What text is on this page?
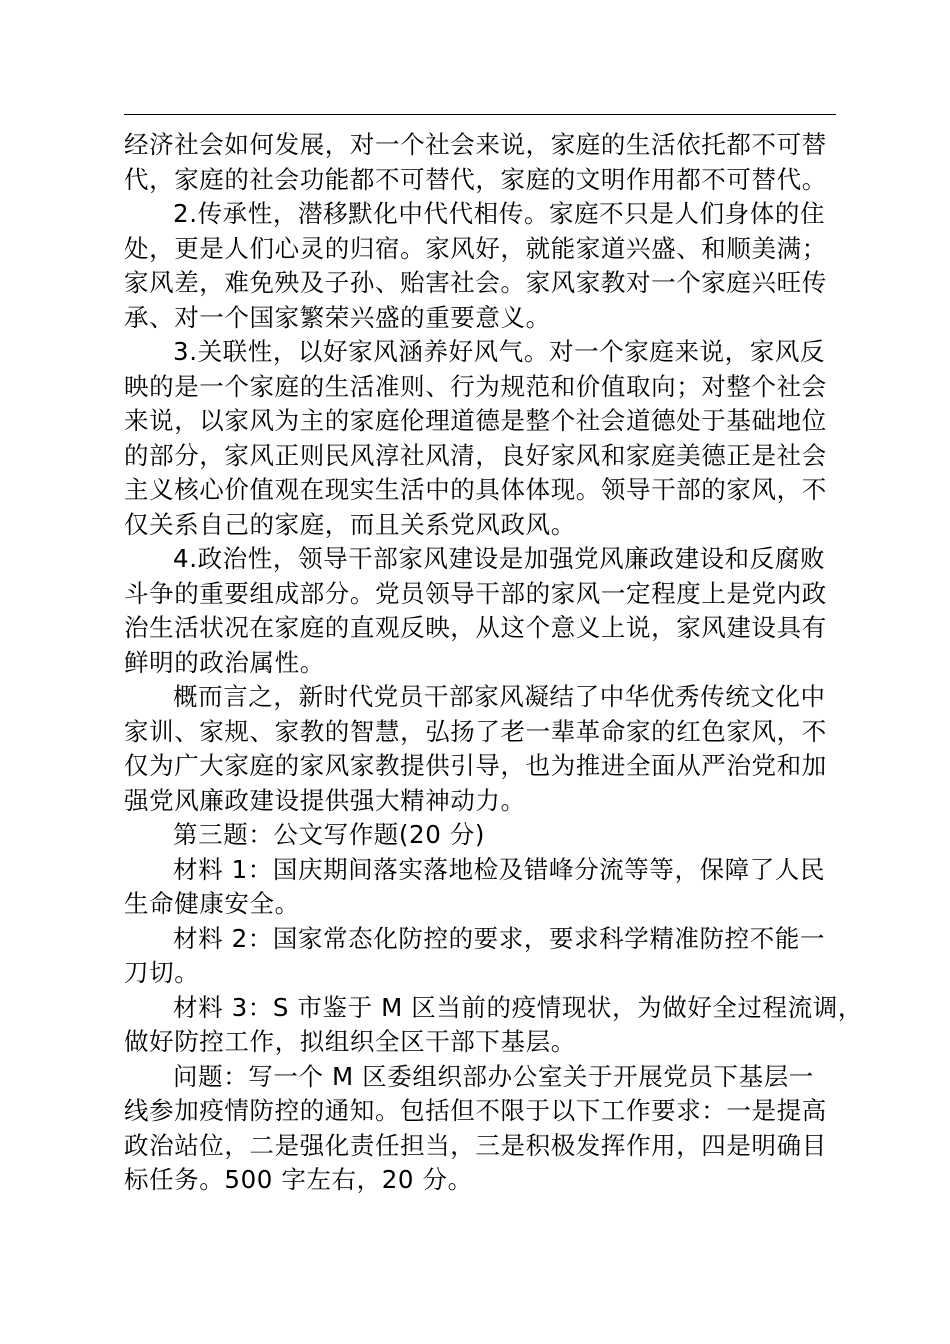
经济社会如何发展，对一个社会来说，家庭的生活依托都不可替
代，家庭的社会功能都不可替代，家庭的文明作用都不可替代。
2.传承性，潜移默化中代代相传。家庭不只是人们身体的住
处，更是人们心灵的归宿。家风好，就能家道兴盛、和顺美满；
家风差，难免殃及子孙、贻害社会。家风家教对一个家庭兴旺传
承、对一个国家繁荣兴盛的重要意义。
3.关联性，以好家风涵养好风气。对一个家庭来说，家风反
映的是一个家庭的生活准则、行为规范和价值取向；对整个社会
来说，以家风为主的家庭伦理道德是整个社会道德处于基础地位
的部分，家风正则民风淳社风清，良好家风和家庭美德正是社会
主义核心价值观在现实生活中的具体体现。领导干部的家风，不
仅关系自己的家庭，而且关系党风政风。
4.政治性，领导干部家风建设是加强党风廉政建设和反腐败
斗争的重要组成部分。党员领导干部的家风一定程度上是党内政
治生活状况在家庭的直观反映，从这个意义上说，家风建设具有
鲜明的政治属性。
概而言之，新时代党员干部家风凝结了中华优秀传统文化中
家训、家规、家教的智慧，弘扬了老一辈革命家的红色家风，不
仅为广大家庭的家风家教提供引导，也为推进全面从严治党和加
强党风廉政建设提供强大精神动力。
第三题：公文写作题(20 分)
材料 1：国庆期间落实落地检及错峰分流等等，保障了人民
生命健康安全。
材料 2：国家常态化防控的要求，要求科学精准防控不能一
刀切。
材料 3：S 市鉴于 M 区当前的疫情现状，为做好全过程流调，
做好防控工作，拟组织全区干部下基层。
问题：写一个 M 区委组织部办公室关于开展党员下基层一
线参加疫情防控的通知。包括但不限于以下工作要求：一是提高
政治站位，二是强化责任担当，三是积极发挥作用，四是明确目
标任务。500 字左右，20 分。
